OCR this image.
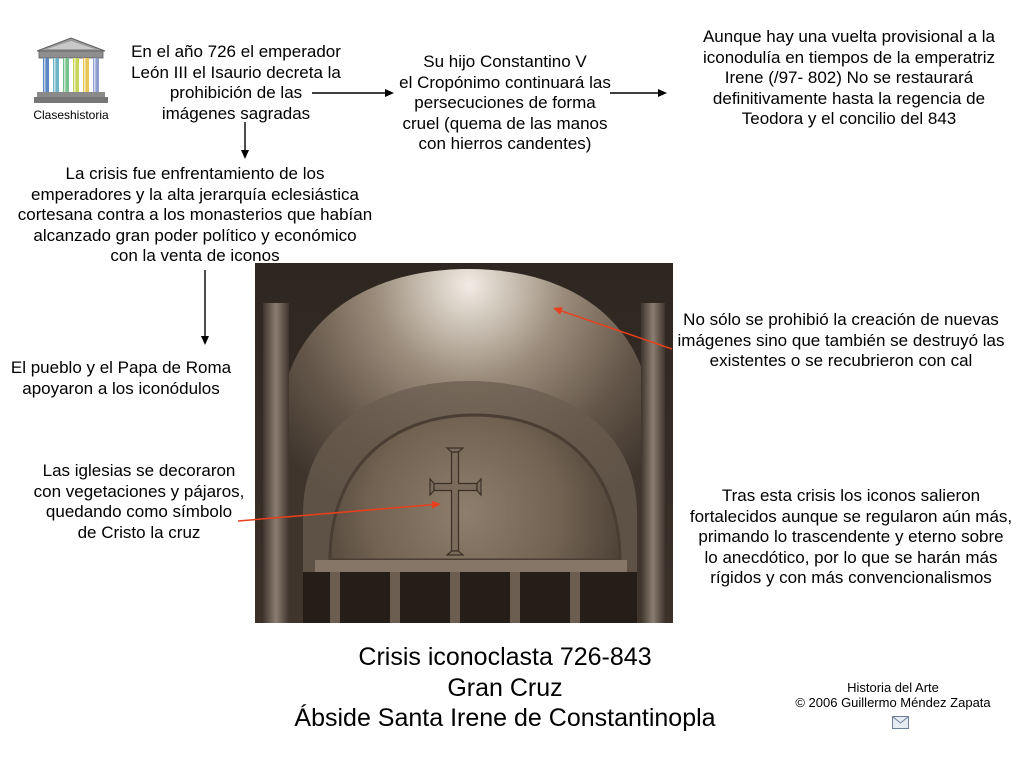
Claseshistoria
En el año 726 el emperador
León III el Isaurio decreta la
prohibición de las
imágenes sagradas
Su hijo Constantino V
el Cropónimo continuará las
persecuciones de forma
cruel (quema de las manos
con hierros candentes)
Aunque hay una vuelta provisional a la
iconodulía en tiempos de la emperatriz
Irene (/97- 802) No se restaurará
definitivamente hasta la regencia de
Teodora y el concilio del 843
La crisis fue enfrentamiento de los
emperadores y la alta jerarquía eclesiástica
cortesana contra a los monasterios que habían
alcanzado gran poder político y económico
con la venta de iconos
El pueblo y el Papa de Roma
apoyaron a los iconódulos
Las iglesias se decoraron
con vegetaciones y pájaros,
quedando como símbolo
de Cristo la cruz
No sólo se prohibió la creación de nuevas
imágenes sino que también se destruyó las
existentes o se recubrieron con cal
Tras esta crisis los iconos salieron
fortalecidos aunque se regularon aún más,
primando lo trascendente y eterno sobre
lo anecdótico, por lo que se harán más
rígidos y con más convencionalismos
Crisis iconoclasta 726-843
Gran Cruz
Ábside Santa Irene de Constantinopla
Historia del Arte
© 2006 Guillermo Méndez Zapata
